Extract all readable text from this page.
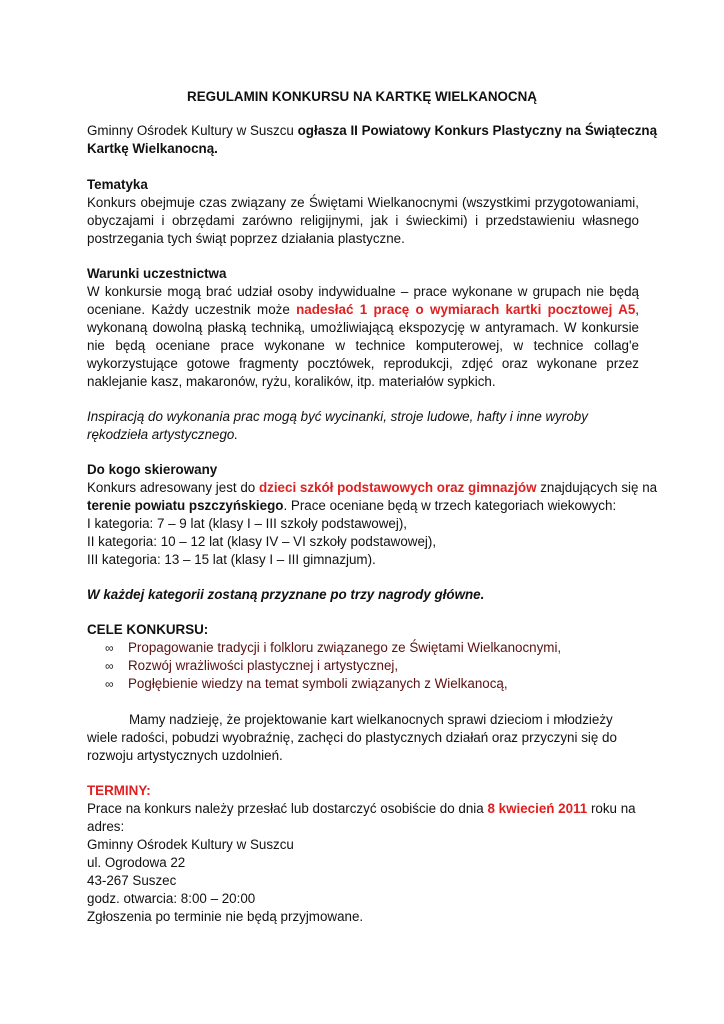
REGULAMIN KONKURSU NA KARTKĘ WIELKANOCNĄ
Gminny Ośrodek Kultury w Suszcu ogłasza II Powiatowy Konkurs Plastyczny na Świąteczną
Kartkę Wielkanocną.
Tematyka
Konkurs obejmuje czas związany ze Świętami Wielkanocnymi (wszystkimi przygotowaniami,
obyczajami i obrzędami zarówno religijnymi, jak i świeckimi) i przedstawieniu własnego
postrzegania tych świąt poprzez działania plastyczne.
Warunki uczestnictwa
W konkursie mogą brać udział osoby indywidualne – prace wykonane w grupach nie będą
oceniane. Każdy uczestnik może nadesłać 1 pracę o wymiarach kartki pocztowej A5,
wykonaną dowolną płaską techniką, umożliwiającą ekspozycję w antyramach. W konkursie
nie będą oceniane prace wykonane w technice komputerowej, w technice collag'e
wykorzystujące gotowe fragmenty pocztówek, reprodukcji, zdjęć oraz wykonane przez
naklejanie kasz, makaronów, ryżu, koralików, itp. materiałów sypkich.
Inspiracją do wykonania prac mogą być wycinanki, stroje ludowe, hafty i inne wyroby
rękodzieła artystycznego.
Do kogo skierowany
Konkurs adresowany jest do dzieci szkół podstawowych oraz gimnazjów znajdujących się na
terenie powiatu pszczyńskiego. Prace oceniane będą w trzech kategoriach wiekowych:
I kategoria: 7 – 9 lat (klasy I – III szkoły podstawowej),
II kategoria: 10 – 12 lat (klasy IV – VI szkoły podstawowej),
III kategoria: 13 – 15 lat (klasy I – III gimnazjum).
W każdej kategorii zostaną przyznane po trzy nagrody główne.
CELE KONKURSU:
∞ Propagowanie tradycji i folkloru związanego ze Świętami Wielkanocnymi,
∞ Rozwój wrażliwości plastycznej i artystycznej,
∞ Pogłębienie wiedzy na temat symboli związanych z Wielkanocą,
Mamy nadzieję, że projektowanie kart wielkanocnych sprawi dzieciom i młodzieży
wiele radości, pobudzi wyobraźnię, zachęci do plastycznych działań oraz przyczyni się do
rozwoju artystycznych uzdolnień.
TERMINY:
Prace na konkurs należy przesłać lub dostarczyć osobiście do dnia 8 kwiecień 2011 roku na
adres:
Gminny Ośrodek Kultury w Suszcu
ul. Ogrodowa 22
43-267 Suszec
godz. otwarcia: 8:00 – 20:00
Zgłoszenia po terminie nie będą przyjmowane.
